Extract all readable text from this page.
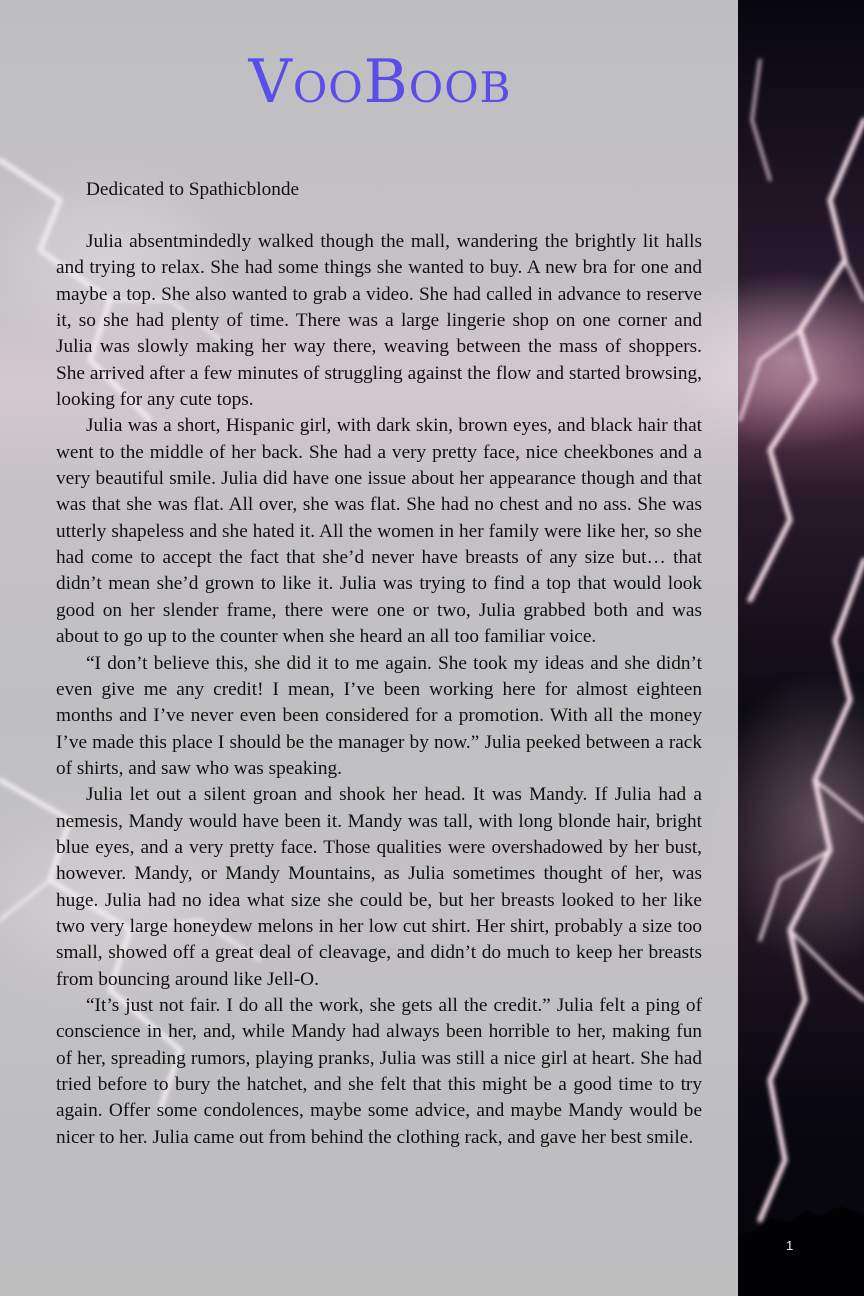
VooBoob
Dedicated to Spathicblonde

Julia absentmindedly walked though the mall, wandering the brightly lit halls and trying to relax. She had some things she wanted to buy. A new bra for one and maybe a top. She also wanted to grab a video. She had called in advance to reserve it, so she had plenty of time. There was a large lingerie shop on one corner and Julia was slowly making her way there, weaving between the mass of shoppers. She arrived after a few minutes of struggling against the flow and started browsing, looking for any cute tops.

Julia was a short, Hispanic girl, with dark skin, brown eyes, and black hair that went to the middle of her back. She had a very pretty face, nice cheekbones and a very beautiful smile. Julia did have one issue about her appearance though and that was that she was flat. All over, she was flat. She had no chest and no ass. She was utterly shapeless and she hated it. All the women in her family were like her, so she had come to accept the fact that she’d never have breasts of any size but… that didn’t mean she’d grown to like it. Julia was trying to find a top that would look good on her slender frame, there were one or two, Julia grabbed both and was about to go up to the counter when she heard an all too familiar voice.

“I don’t believe this, she did it to me again. She took my ideas and she didn’t even give me any credit! I mean, I’ve been working here for almost eighteen months and I’ve never even been considered for a promotion. With all the money I’ve made this place I should be the manager by now.” Julia peeked between a rack of shirts, and saw who was speaking.

Julia let out a silent groan and shook her head. It was Mandy. If Julia had a nemesis, Mandy would have been it. Mandy was tall, with long blonde hair, bright blue eyes, and a very pretty face. Those qualities were overshadowed by her bust, however. Mandy, or Mandy Mountains, as Julia sometimes thought of her, was huge. Julia had no idea what size she could be, but her breasts looked to her like two very large honeydew melons in her low cut shirt. Her shirt, probably a size too small, showed off a great deal of cleavage, and didn’t do much to keep her breasts from bouncing around like Jell-O.

“It’s just not fair. I do all the work, she gets all the credit.” Julia felt a ping of conscience in her, and, while Mandy had always been horrible to her, making fun of her, spreading rumors, playing pranks, Julia was still a nice girl at heart. She had tried before to bury the hatchet, and she felt that this might be a good time to try again. Offer some condolences, maybe some advice, and maybe Mandy would be nicer to her. Julia came out from behind the clothing rack, and gave her best smile.

1
